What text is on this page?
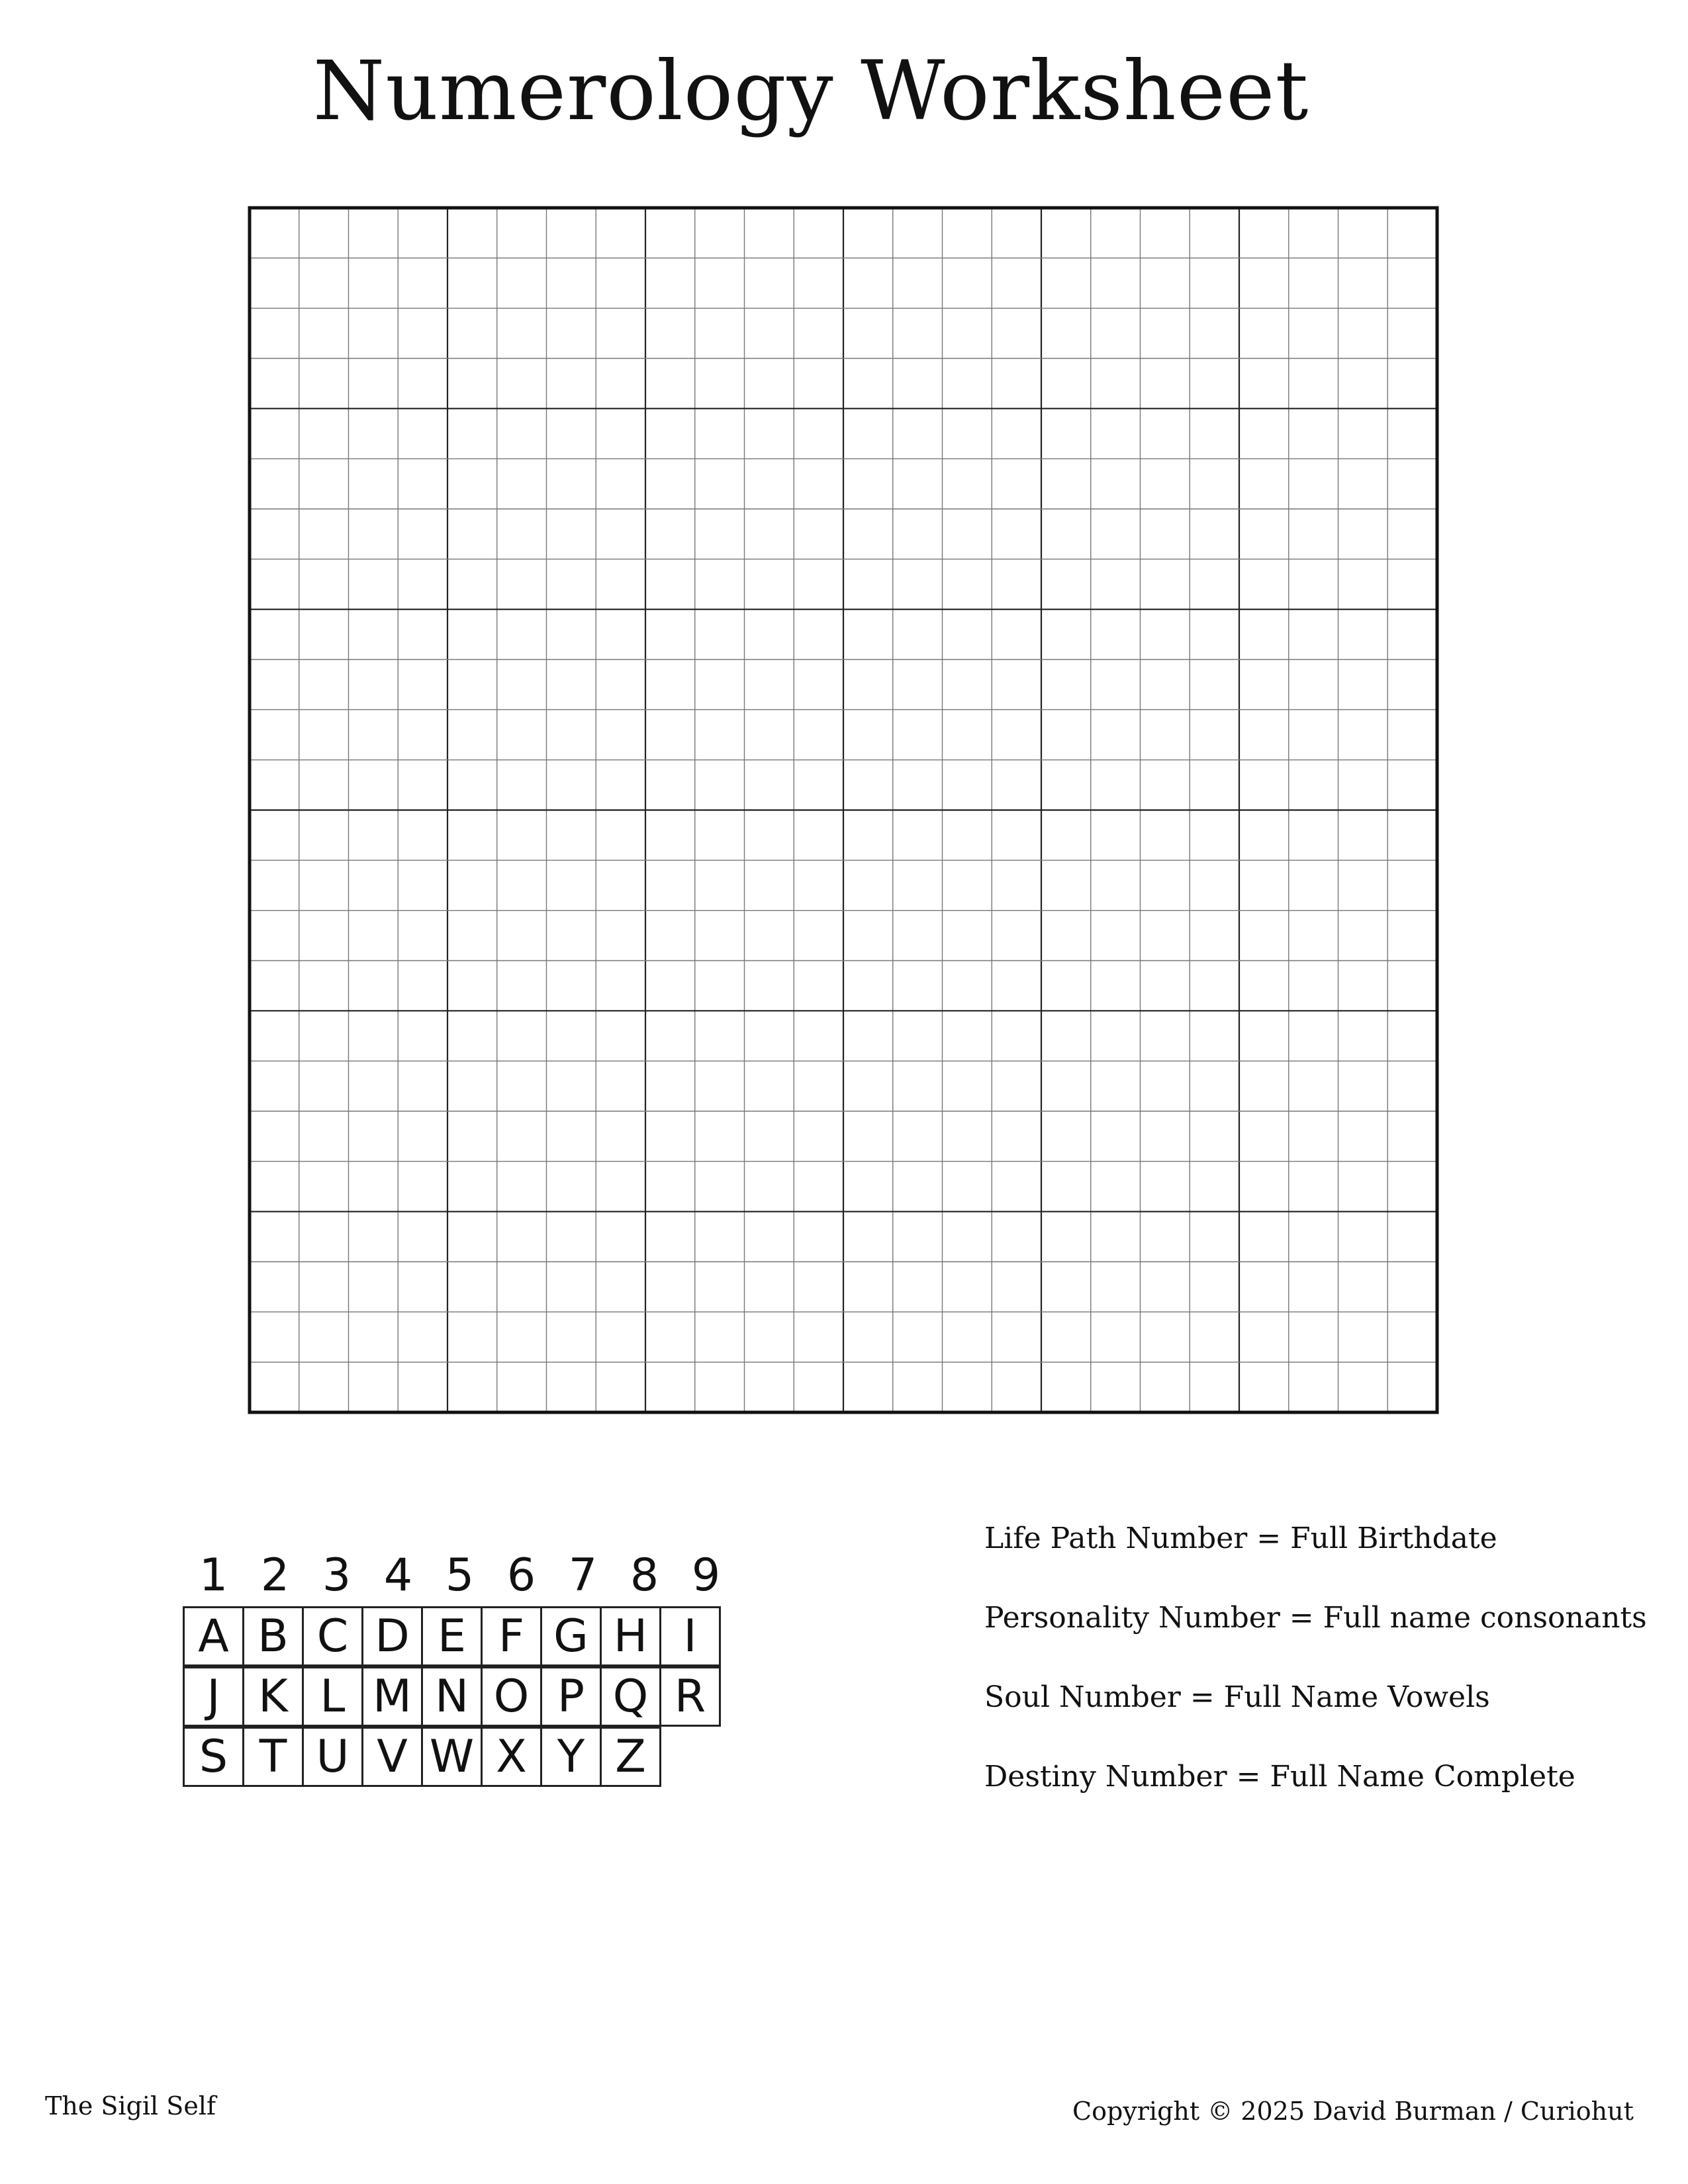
Numerology Worksheet
1 2 3 4 5 6 7 8 9
A B C D E F G H I
J K L M N O P Q R
S T U V W X Y Z
Life Path Number = Full Birthdate
Personality Number = Full name consonants
Soul Number = Full Name Vowels
Destiny Number = Full Name Complete
The Sigil Self	Copyright © 2025 David Burman / Curiohut
